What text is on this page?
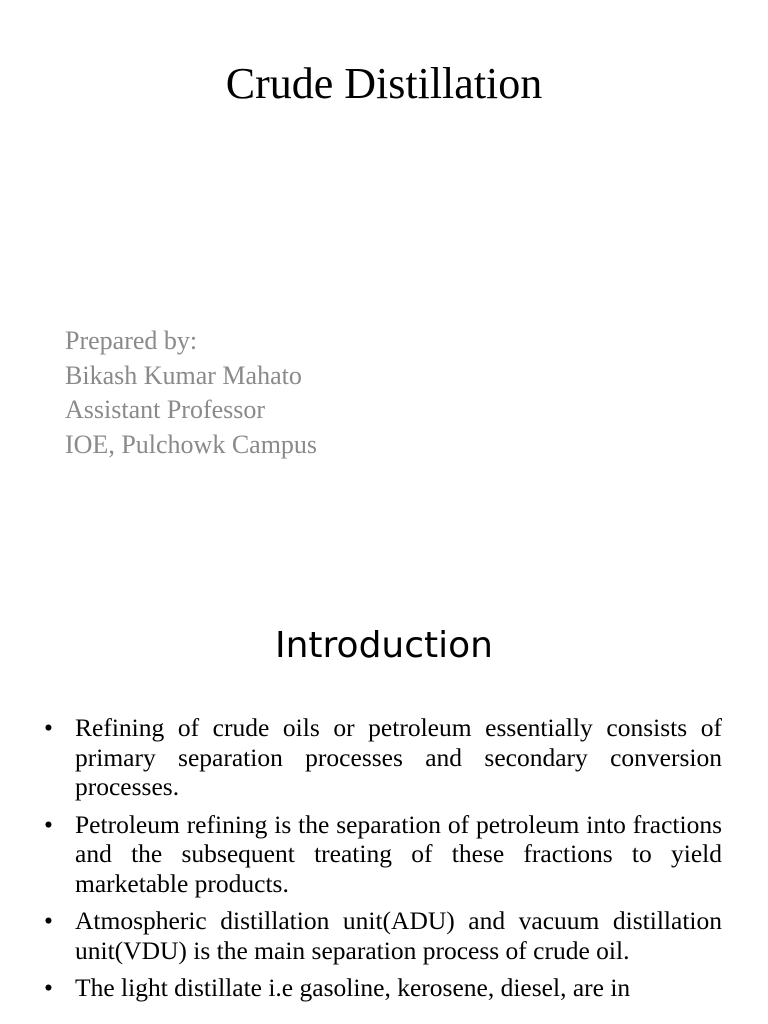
Crude Distillation
Prepared by:
Bikash Kumar Mahato
Assistant Professor
IOE, Pulchowk Campus
Introduction
• Refining of crude oils or petroleum essentially consists of primary separation processes and secondary conversion processes.
• Petroleum refining is the separation of petroleum into fractions and the subsequent treating of these fractions to yield marketable products.
• Atmospheric distillation unit(ADU) and vacuum distillation unit(VDU) is the main separation process of crude oil.
• The light distillate i.e gasoline, kerosene, diesel, are in
